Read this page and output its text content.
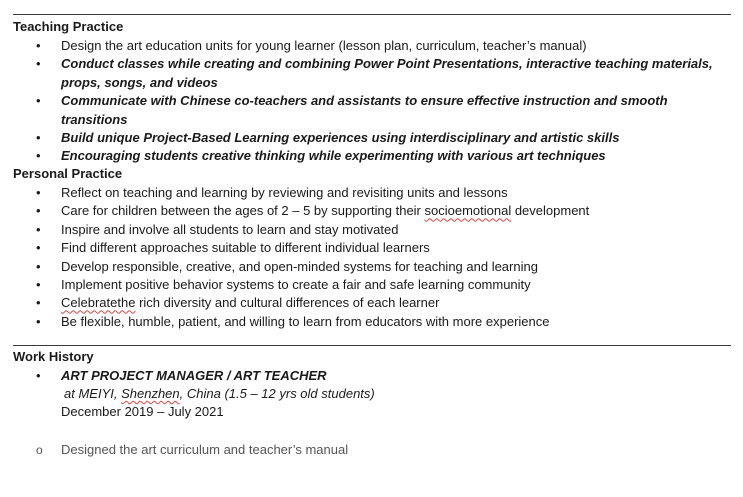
Teaching Practice
• Design the art education units for young learner (lesson plan, curriculum, teacher’s manual)
• Conduct classes while creating and combining Power Point Presentations, interactive teaching materials, props, songs, and videos
• Communicate with Chinese co-teachers and assistants to ensure effective instruction and smooth transitions
• Build unique Project-Based Learning experiences using interdisciplinary and artistic skills
• Encouraging students creative thinking while experimenting with various art techniques
Personal Practice
• Reflect on teaching and learning by reviewing and revisiting units and lessons
• Care for children between the ages of 2 – 5 by supporting their socioemotional development
• Inspire and involve all students to learn and stay motivated
• Find different approaches suitable to different individual learners
• Develop responsible, creative, and open-minded systems for teaching and learning
• Implement positive behavior systems to create a fair and safe learning community
• Celebratethe rich diversity and cultural differences of each learner
• Be flexible, humble, patient, and willing to learn from educators with more experience
Work History
• ART PROJECT MANAGER / ART TEACHER
at MEIYI, Shenzhen, China (1.5 – 12 yrs old students)
December 2019 – July 2021
o Designed the art curriculum and teacher’s manual
